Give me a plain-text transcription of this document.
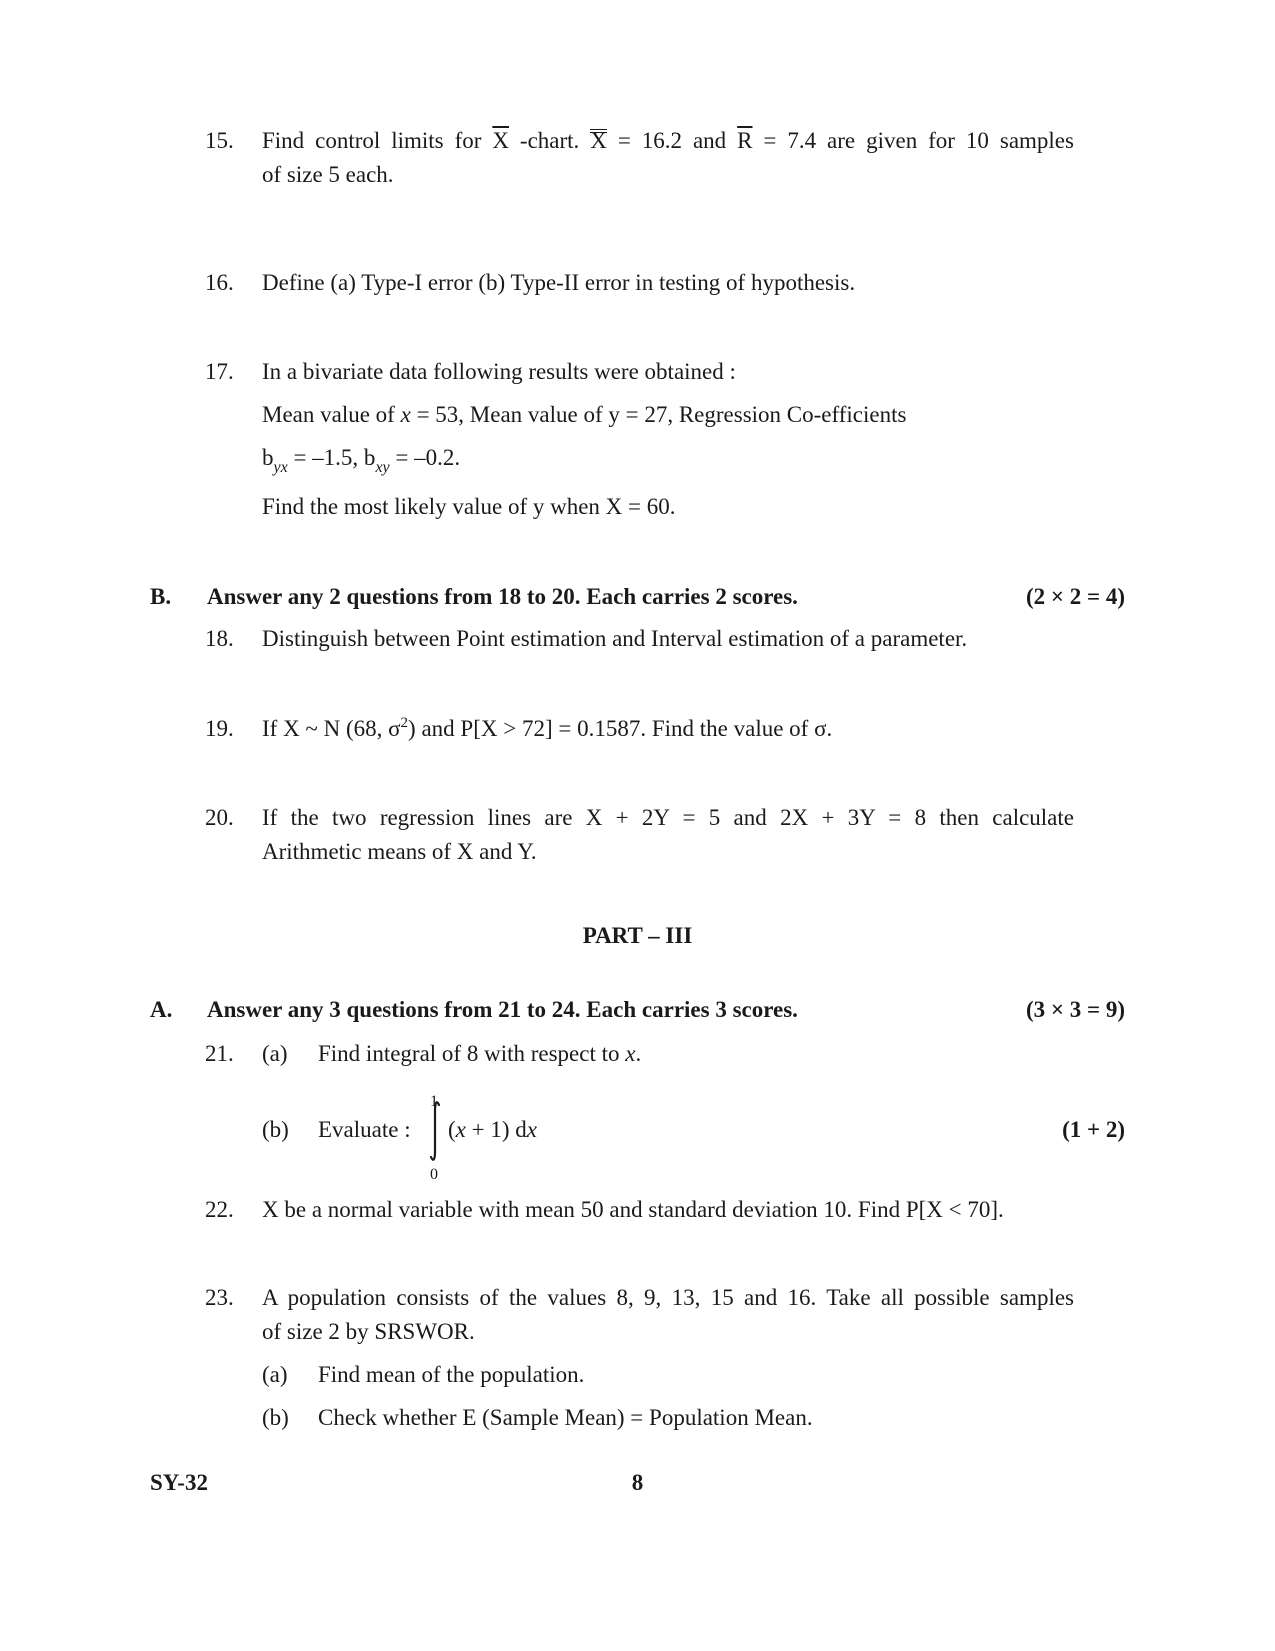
15. Find control limits for $\overline{X}$ -chart. X = 16.2 and $\overline{R} = 7.4$ are given for 10 samples
of size 5 each.
16. Define (a) Type-I error (b) Type-II error in testing of hypothesis.
17. In a bivariate data following results were obtained :
Mean value of x = 53, Mean value of y = 27, Regression Co-efficients
$b_{yx} = -1.5$, $b_{xy} = -0.2$.
Find the most likely value of y when X = 60.
B. Answer any 2 questions from 18 to 20. Each carries 2 scores.	(2 × 2 = 4)
18. Distinguish between Point estimation and Interval estimation of a parameter.
19. If X ~ N (68, $\sigma^2$) and P[X > 72] = 0.1587. Find the value of σ.
20. If the two regression lines are X + 2Y = 5 and 2X + 3Y = 8 then calculate
Arithmetic means of X and Y.
PART – III
A. Answer any 3 questions from 21 to 24. Each carries 3 scores.	(3 × 3 = 9)
21. (a) Find integral of 8 with respect to x.
(b) Evaluate :
1
0
(x + 1) dx	(1 + 2)
22. X be a normal variable with mean 50 and standard deviation 10. Find P[X < 70].
23. A population consists of the values 8, 9, 13, 15 and 16. Take all possible samples
of size 2 by SRSWOR.
(a) Find mean of the population.
(b) Check whether E (Sample Mean) = Population Mean.
SY-32	8
